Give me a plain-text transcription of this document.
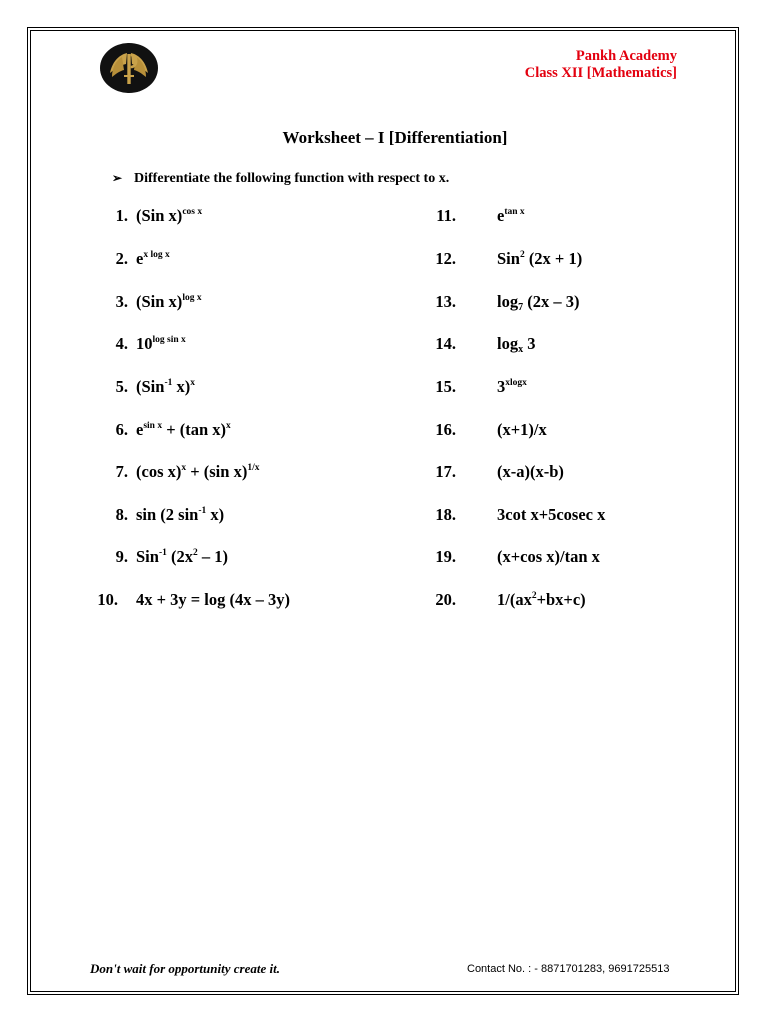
Pankh Academy
Class XII [Mathematics]
Worksheet – I [Differentiation]
➢ Differentiate the following function with respect to x.
1. (Sin x)$^{cos x}$
2. $e^{x log x}$
3. (Sin x)$^{log x}$
4. $10^{log sin x}$
5. (Sin$^{-1}$ x)$^x$
6. $e^{sin x} + (\tan$ x)$^x$
7. (cos x)$^x$ + (sin x)$^{1/x}$
8. sin (2 $\sin^{-1} x$)
9. Sin$^{-1}$ $(2x^2 - 1)$
10. 4x + 3y = log (4x – 3y)
11. $e^{tan x}$
12. Sin$^2$ (2x + 1)
13. $\log_7 (2x - 3)$
14. $\log_x 3$
15. $3^{xlogx}$
16. (x+1)/x
17. (x-a)(x-b)
18. 3cot x+5cosec x
19. (x+cos x)/tan x
20. $1/(ax^2+bx+c)$
Don't wait for opportunity create it.	Contact No. : - 8871701283, 9691725513
